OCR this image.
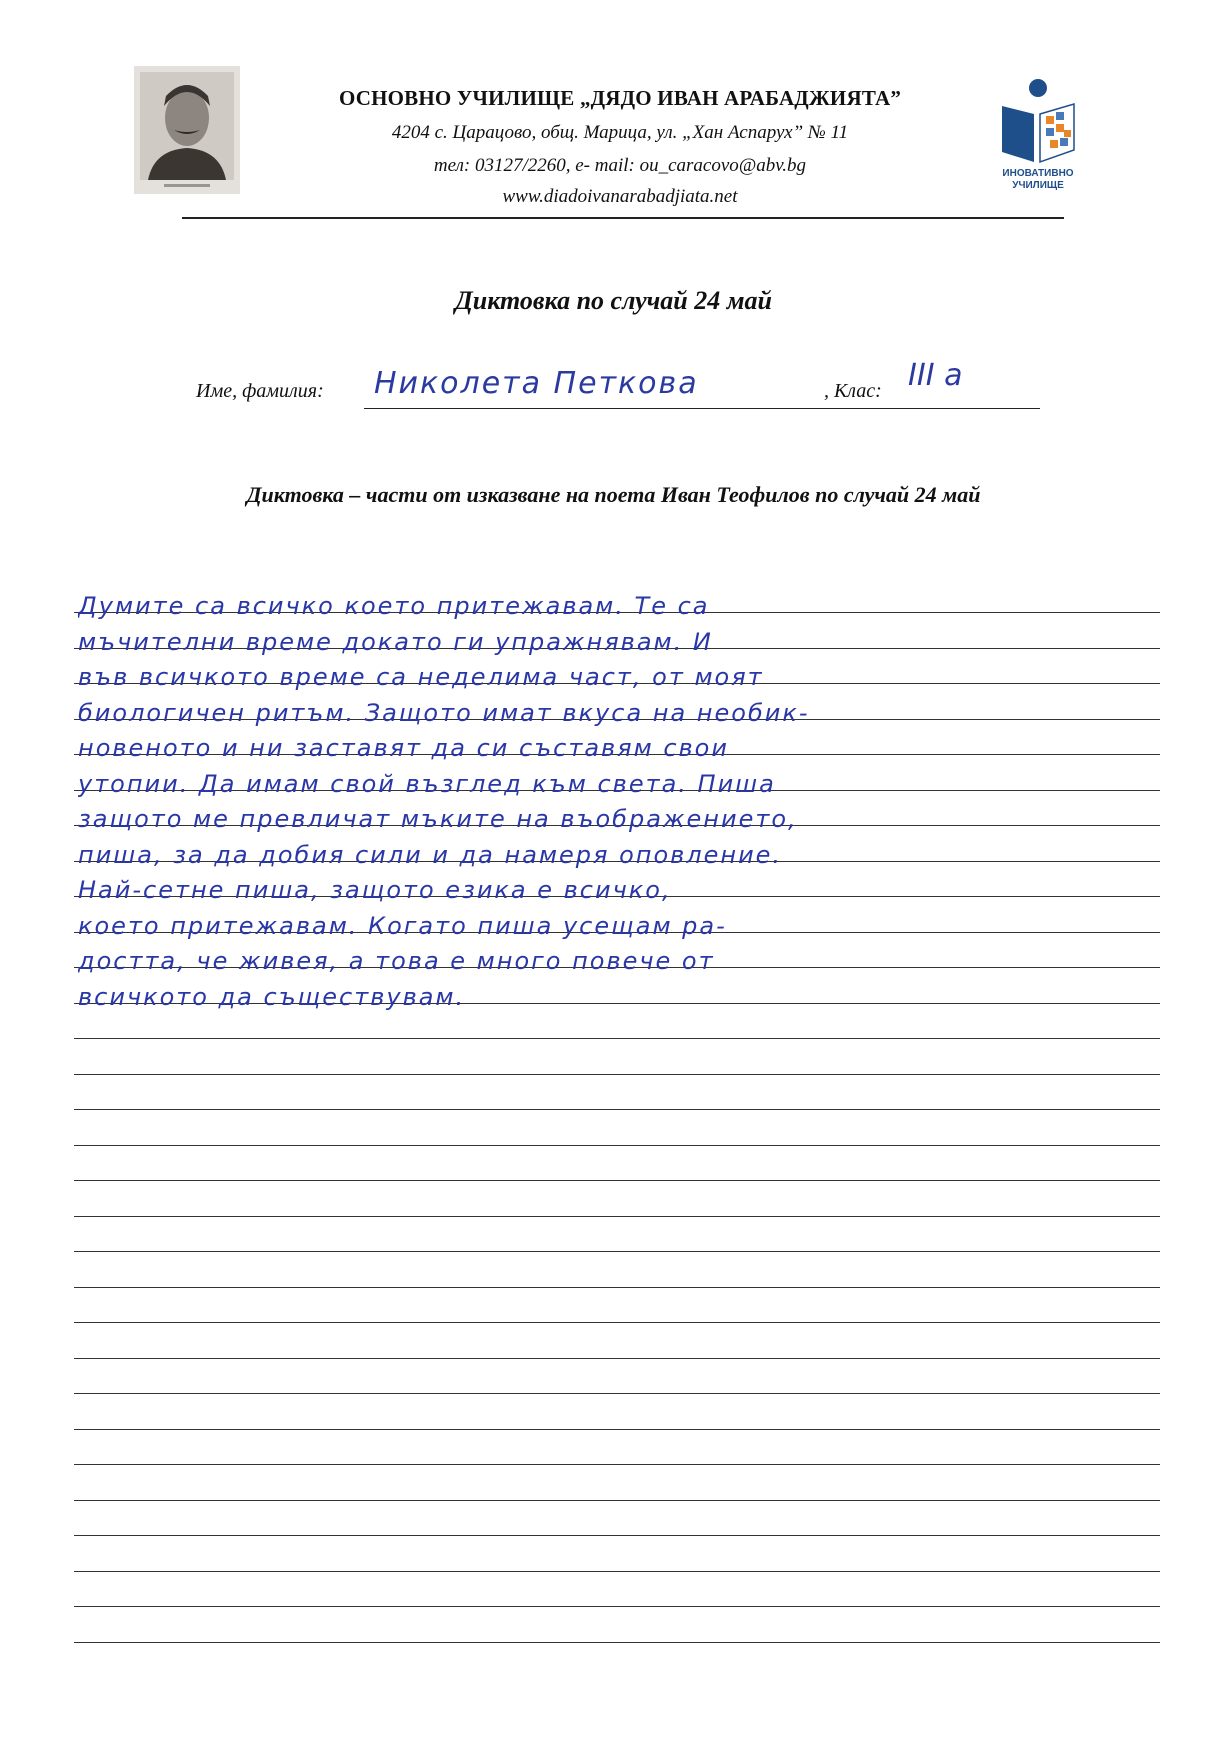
ОСНОВНО УЧИЛИЩЕ „ДЯДО ИВАН АРАБАДЖИЯТА”
4204 с. Царацово, общ. Марица, ул. „Хан Аспарух” № 11
тел: 03127/2260, e- mail: ou_caracovo@abv.bg
www.diadoivanarabadjiata.net
ИНОВАТИВНО
УЧИЛИЩЕ
Диктовка по случай 24 май
Име, фамилия: Николета Петкова	, Клас: III а
Диктовка – части от изказване на поета Иван Теофилов по случай 24 май
Думите са всичко което притежавам. Те са
мъчителни време докато ги упражнявам. И
във всичкото време са неделима част, от моят
биологичен ритъм. Защото имат вкуса на необик-
новеното и ни заставят да си съставям свои
утопии. Да имам свой възглед към света. Пиша
защото ме превличат мъките на въображението,
пиша, за да добия сили и да намеря оповление.
Най-сетне пиша, защото езика е всичко,
което притежавам. Когато пиша усещам ра-
достта, че живея, а това е много повече от
всичкото да съществувам.
